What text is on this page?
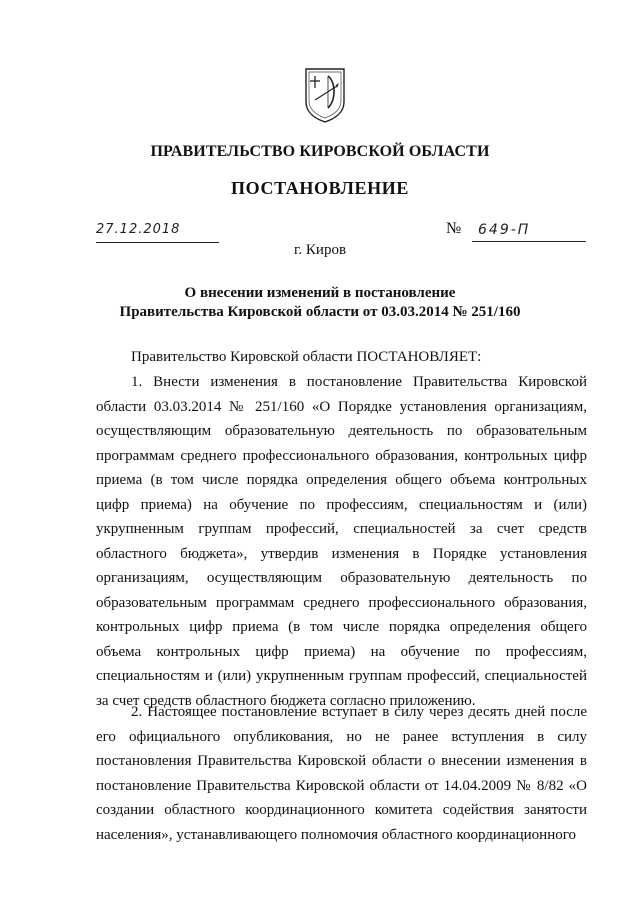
ПРАВИТЕЛЬСТВО КИРОВСКОЙ ОБЛАСТИ
ПОСТАНОВЛЕНИЕ
27.12.2018	№	649-П
г. Киров
О внесении изменений в постановление
Правительства Кировской области от 03.03.2014 № 251/160

Правительство Кировской области ПОСТАНОВЛЯЕТ:

1. Внести изменения в постановление Правительства Кировской области 03.03.2014 № 251/160 «О Порядке установления организациям, осуществляющим образовательную деятельность по образовательным программам среднего профессионального образования, контрольных цифр приема (в том числе порядка определения общего объема контрольных цифр приема) на обучение по профессиям, специальностям и (или) укрупненным группам профессий, специальностей за счет средств областного бюджета», утвердив изменения в Порядке установления организациям, осуществляющим образовательную деятельность по образовательным программам среднего профессионального образования, контрольных цифр приема (в том числе порядка определения общего объема контрольных цифр приема) на обучение по профессиям, специальностям и (или) укрупненным группам профессий, специальностей за счет средств областного бюджета согласно приложению.

2. Настоящее постановление вступает в силу через десять дней после его официального опубликования, но не ранее вступления в силу постановления Правительства Кировской области о внесении изменения в постановление Правительства Кировской области от 14.04.2009 № 8/82 «О создании областного координационного комитета содействия занятости населения», устанавливающего полномочия областного координационного
